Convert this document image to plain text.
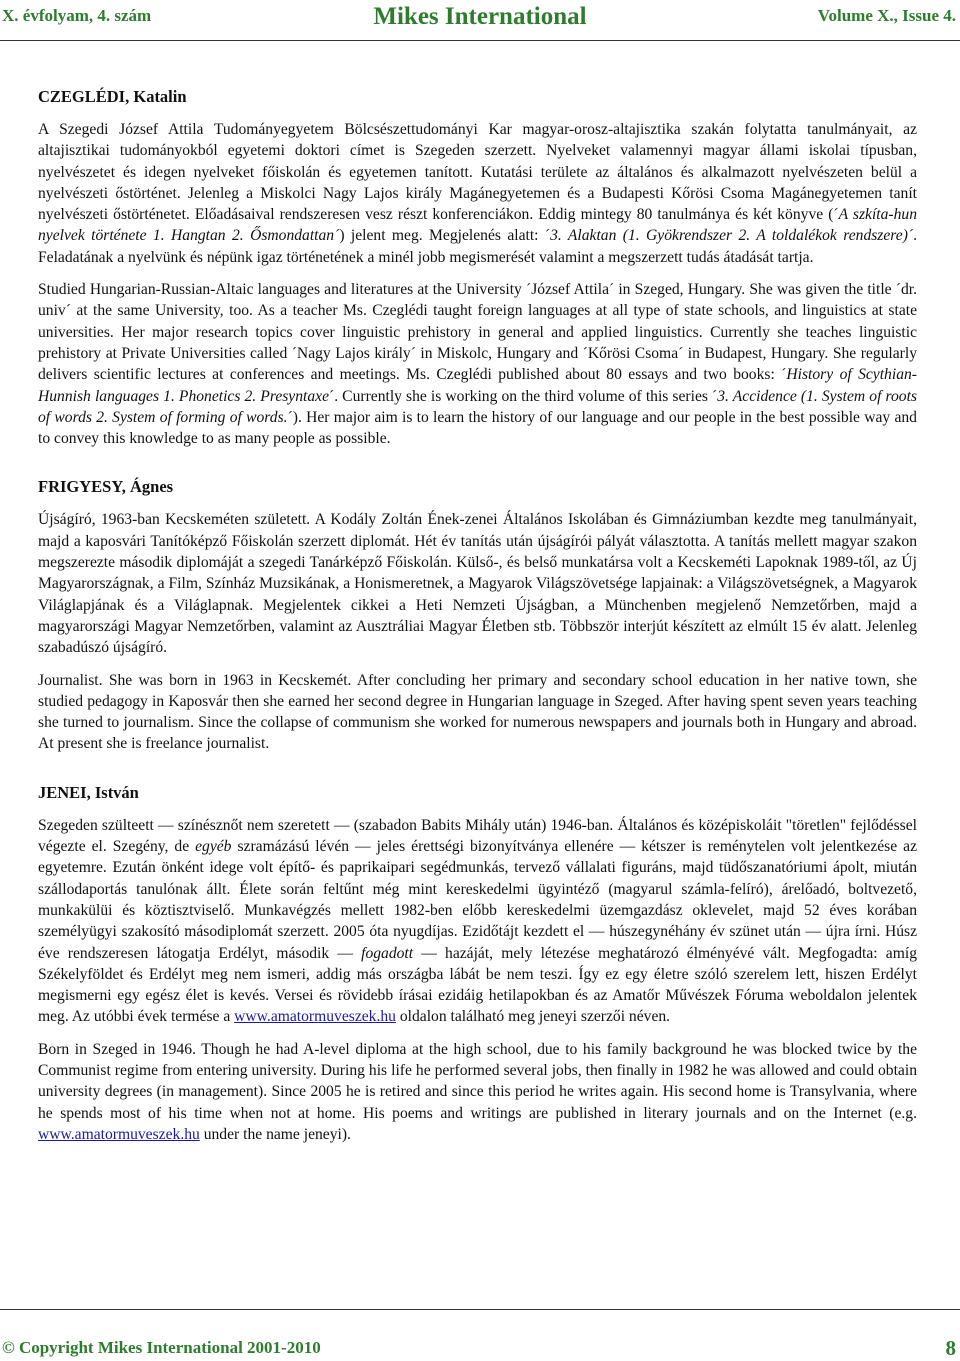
X. évfolyam, 4. szám	Mikes International	Volume X., Issue 4.
CZEGLÉDI, Katalin

A Szegedi József Attila Tudományegyetem Bölcsészettudományi Kar magyar-orosz-altajisztika szakán folytatta tanulmányait, az altajisztikai tudományokból egyetemi doktori címet is Szegeden szerzett. Nyelveket valamennyi magyar állami iskolai típusban, nyelvészetet és idegen nyelveket főiskolán és egyetemen tanított. Kutatási területe az általános és alkalmazott nyelvészeten belül a nyelvészeti őstörténet. Jelenleg a Miskolci Nagy Lajos király Magánegyetemen és a Budapesti Kőrösi Csoma Magánegyetemen tanít nyelvészeti őstörténetet. Előadásaival rendszeresen vesz részt konferenciákon. Eddig mintegy 80 tanulmánya és két könyve (´A szkíta-hun nyelvek története 1. Hangtan 2. Ősmondattan´) jelent meg. Megjelenés alatt: ´3. Alaktan (1. Gyökrendszer 2. A toldalékok rendszere)´. Feladatának a nyelvünk és népünk igaz történetének a minél jobb megismerését valamint a megszerzett tudás átadását tartja.

Studied Hungarian-Russian-Altaic languages and literatures at the University ´József Attila´ in Szeged, Hungary. She was given the title ´dr. univ´ at the same University, too. As a teacher Ms. Czeglédi taught foreign languages at all type of state schools, and linguistics at state universities. Her major research topics cover linguistic prehistory in general and applied linguistics. Currently she teaches linguistic prehistory at Private Universities called ´Nagy Lajos király´ in Miskolc, Hungary and ´Kőrösi Csoma´ in Budapest, Hungary. She regularly delivers scientific lectures at conferences and meetings. Ms. Czeglédi published about 80 essays and two books: ´History of Scythian-Hunnish languages 1. Phonetics 2. Presyntaxe´. Currently she is working on the third volume of this series ´3. Accidence (1. System of roots of words 2. System of forming of words.´). Her major aim is to learn the history of our language and our people in the best possible way and to convey this knowledge to as many people as possible.

FRIGYESY, Ágnes

Újságíró, 1963-ban Kecskeméten született. A Kodály Zoltán Ének-zenei Általános Iskolában és Gimnáziumban kezdte meg tanulmányait, majd a kaposvári Tanítóképző Főiskolán szerzett diplomát. Hét év tanítás után újságírói pályát választotta. A tanítás mellett magyar szakon megszerezte második diplomáját a szegedi Tanárképző Főiskolán. Külső-, és belső munkatársa volt a Kecskeméti Lapoknak 1989-től, az Új Magyarországnak, a Film, Színház Muzsikának, a Honismeretnek, a Magyarok Világszövetsége lapjainak: a Világszövetségnek, a Magyarok Világlapjának és a Világlapnak. Megjelentek cikkei a Heti Nemzeti Újságban, a Münchenben megjelenő Nemzetőrben, majd a magyarországi Magyar Nemzetőrben, valamint az Ausztráliai Magyar Életben stb. Többször interjút készített az elmúlt 15 év alatt. Jelenleg szabadúszó újságíró.

Journalist. She was born in 1963 in Kecskemét. After concluding her primary and secondary school education in her native town, she studied pedagogy in Kaposvár then she earned her second degree in Hungarian language in Szeged. After having spent seven years teaching she turned to journalism. Since the collapse of communism she worked for numerous newspapers and journals both in Hungary and abroad. At present she is freelance journalist.

JENEI, István

Szegeden szülteett — színésznőt nem szeretett — (szabadon Babits Mihály után) 1946-ban. Általános és középiskoláit "töretlen" fejlődéssel végezte el. Szegény, de egyéb szramázású lévén — jeles érettségi bizonyítványa ellenére — kétszer is reménytelen volt jelentkezése az egyetemre. Ezután önként idege volt építő- és paprikaipari segédmunkás, tervező vállalati figuráns, majd tüdőszanatóriumi ápolt, miután szállodaportás tanulónak állt. Élete során feltűnt még mint kereskedelmi ügyintéző (magyarul számla-felíró), árelőadó, boltvezető, munkakülüi és köztisztviselő. Munkavégzés mellett 1982-ben előbb kereskedelmi üzemgazdász oklevelet, majd 52 éves korában személyügyi szakosító másodiplomát szerzett. 2005 óta nyugdíjas. Ezidőtájt kezdett el — húszegynéhány év szünet után — újra írni. Húsz éve rendszeresen látogatja Erdélyt, második — fogadott — hazáját, mely létezése meghatározó élményévé vált. Megfogadta: amíg Székelyföldet és Erdélyt meg nem ismeri, addig más országba lábát be nem teszi. Így ez egy életre szóló szerelem lett, hiszen Erdélyt megismerni egy egész élet is kevés. Versei és rövidebb írásai ezidáig hetilapokban és az Amatőr Művészek Fóruma weboldalon jelentek meg. Az utóbbi évek termése a www.amatormuveszek.hu oldalon található meg jeneyi szerzői néven.

Born in Szeged in 1946. Though he had A-level diploma at the high school, due to his family background he was blocked twice by the Communist regime from entering university. During his life he performed several jobs, then finally in 1982 he was allowed and could obtain university degrees (in management). Since 2005 he is retired and since this period he writes again. His second home is Transylvania, where he spends most of his time when not at home. His poems and writings are published in literary journals and on the Internet (e.g. www.amatormuveszek.hu under the name jeneyi).

© Copyright Mikes International 2001-2010	8
